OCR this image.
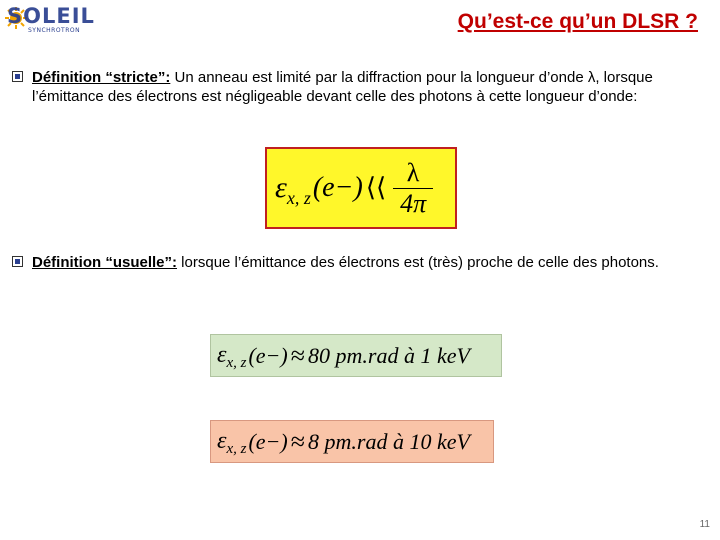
SOLEIL
SYNCHROTRON	Qu’est-ce qu’un DLSR ?
Définition “stricte”: Un anneau est limité par la diffraction pour la longueur d’onde λ, lorsque l’émittance des électrons est négligeable devant celle des photons à cette longueur d’onde:
ε x, z (e−) ⟨⟨ $\frac{\lambda}{4\pi}$
Définition “usuelle”: lorsque l’émittance des électrons est (très) proche de celle des photons.
ε x, z (e−) ≈ 80 pm.rad à 1 keV
ε x, z (e−) ≈ 8 pm.rad à 10 keV
11
